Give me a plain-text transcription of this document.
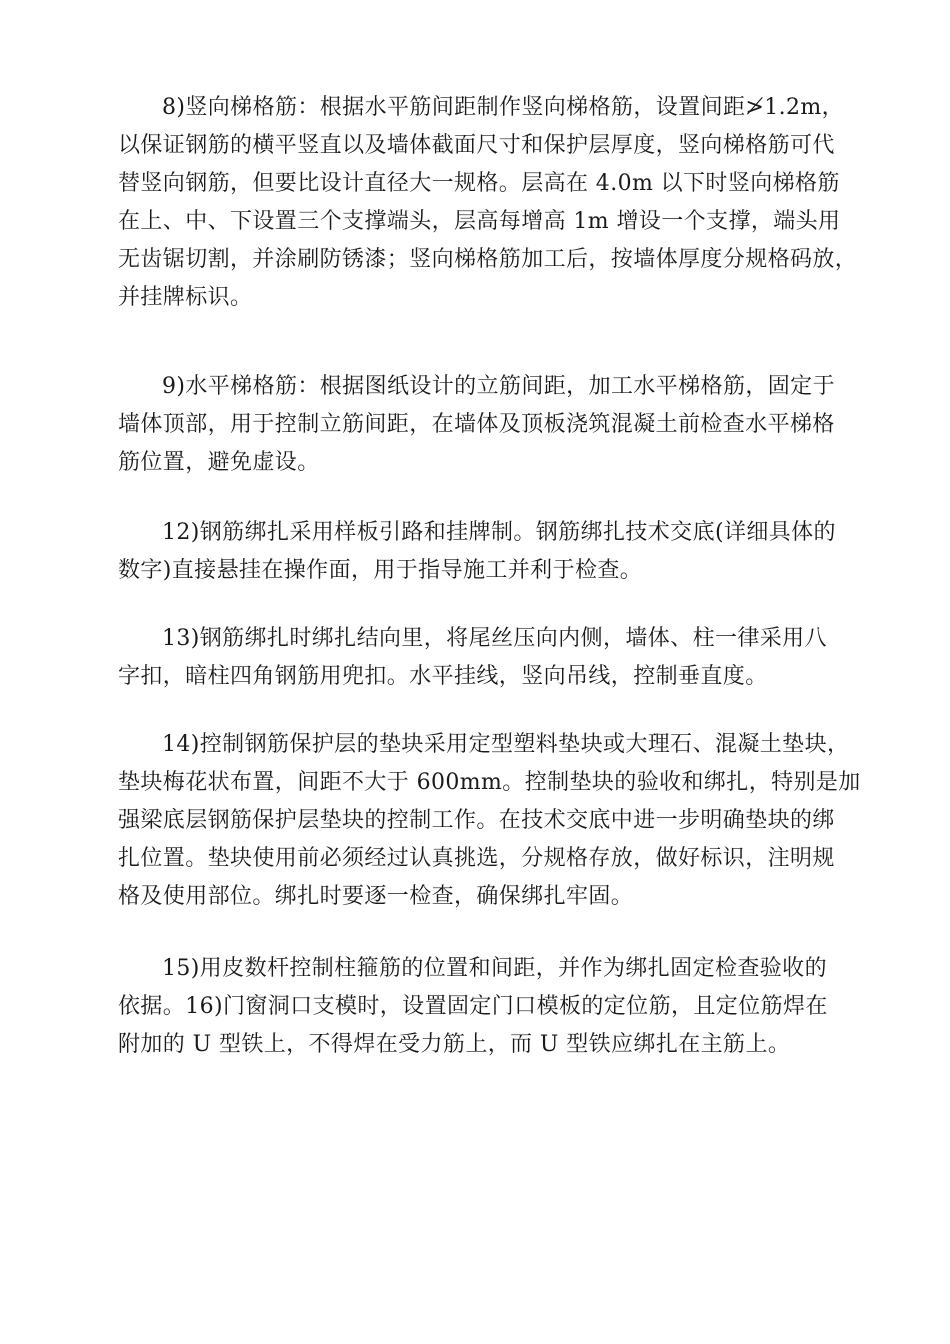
8)竖向梯格筋：根据水平筋间距制作竖向梯格筋，设置间距≯1.2m，
以保证钢筋的横平竖直以及墙体截面尺寸和保护层厚度，竖向梯格筋可代
替竖向钢筋，但要比设计直径大一规格。层高在 4.0m 以下时竖向梯格筋
在上、中、下设置三个支撑端头，层高每增高 1m 增设一个支撑，端头用
无齿锯切割，并涂刷防锈漆；竖向梯格筋加工后，按墙体厚度分规格码放，
并挂牌标识。
9)水平梯格筋：根据图纸设计的立筋间距，加工水平梯格筋，固定于
墙体顶部，用于控制立筋间距，在墙体及顶板浇筑混凝土前检查水平梯格
筋位置，避免虚设。
12)钢筋绑扎采用样板引路和挂牌制。钢筋绑扎技术交底(详细具体的
数字)直接悬挂在操作面，用于指导施工并利于检查。
13)钢筋绑扎时绑扎结向里，将尾丝压向内侧，墙体、柱一律采用八
字扣，暗柱四角钢筋用兜扣。水平挂线，竖向吊线，控制垂直度。
14)控制钢筋保护层的垫块采用定型塑料垫块或大理石、混凝土垫块，
垫块梅花状布置，间距不大于 600mm。控制垫块的验收和绑扎，特别是加
强梁底层钢筋保护层垫块的控制工作。在技术交底中进一步明确垫块的绑
扎位置。垫块使用前必须经过认真挑选，分规格存放，做好标识，注明规
格及使用部位。绑扎时要逐一检查，确保绑扎牢固。
15)用皮数杆控制柱箍筋的位置和间距，并作为绑扎固定检查验收的
依据。16)门窗洞口支模时，设置固定门口模板的定位筋，且定位筋焊在
附加的 U 型铁上，不得焊在受力筋上，而 U 型铁应绑扎在主筋上。
